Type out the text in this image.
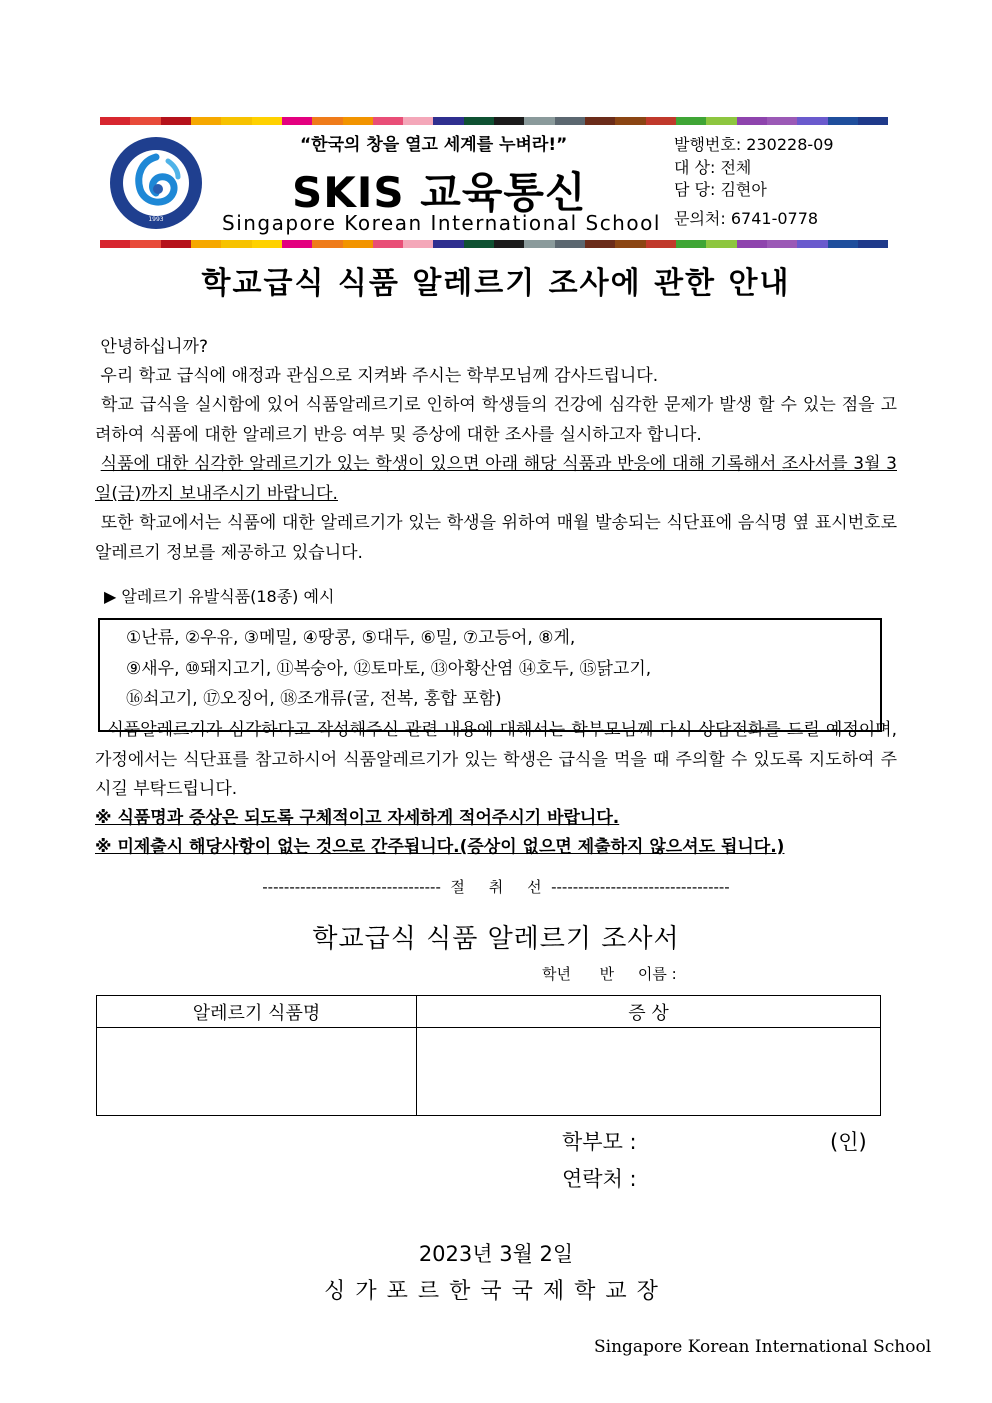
1993
“한국의 창을 열고 세계를 누벼라!”
SKIS 교육통신
Singapore Korean International School
발행번호: 230228-09
대 상: 전체
담 당: 김현아
문의처: 6741-0778
학교급식 식품 알레르기 조사에 관한 안내
안녕하십니까?
우리 학교 급식에 애정과 관심으로 지켜봐 주시는 학부모님께 감사드립니다.
학교 급식을 실시함에 있어 식품알레르기로 인하여 학생들의 건강에 심각한 문제가 발생 할 수 있는 점을 고려하여 식품에 대한 알레르기 반응 여부 및 증상에 대한 조사를 실시하고자 합니다.
식품에 대한 심각한 알레르기가 있는 학생이 있으면 아래 해당 식품과 반응에 대해 기록해서 조사서를 3월 3일(금)까지 보내주시기 바랍니다.
또한 학교에서는 식품에 대한 알레르기가 있는 학생을 위하여 매월 발송되는 식단표에 음식명 옆 표시번호로 알레르기 정보를 제공하고 있습니다.
▶ 알레르기 유발식품(18종) 예시
①난류, ②우유, ③메밀, ④땅콩, ⑤대두, ⑥밀, ⑦고등어, ⑧게,
⑨새우, ⑩돼지고기, ⑪복숭아, ⑫토마토, ⑬아황산염 ⑭호두, ⑮닭고기,
⑯쇠고기, ⑰오징어, ⑱조개류(굴, 전복, 홍합 포함)
식품알레르기가 심각하다고 작성해주신 관련 내용에 대해서는 학부모님께 다시 상담전화를 드릴 예정이며, 가정에서는 식단표를 참고하시어 식품알레르기가 있는 학생은 급식을 먹을 때 주의할 수 있도록 지도하여 주시길 부탁드립니다.
※ 식품명과 증상은 되도록 구체적이고 자세하게 적어주시기 바랍니다.
※ 미제출시 해당사항이 없는 것으로 간주됩니다.(증상이 없으면 제출하지 않으셔도 됩니다.)
---------------------------------  절     취     선  ---------------------------------
학교급식 식품 알레르기 조사서
학년      반     이름 :
알레르기 식품명	증 상

학부모 :	(인)
연락처 :
2023년 3월 2일
싱가포르한국국제학교장
Singapore Korean International School
